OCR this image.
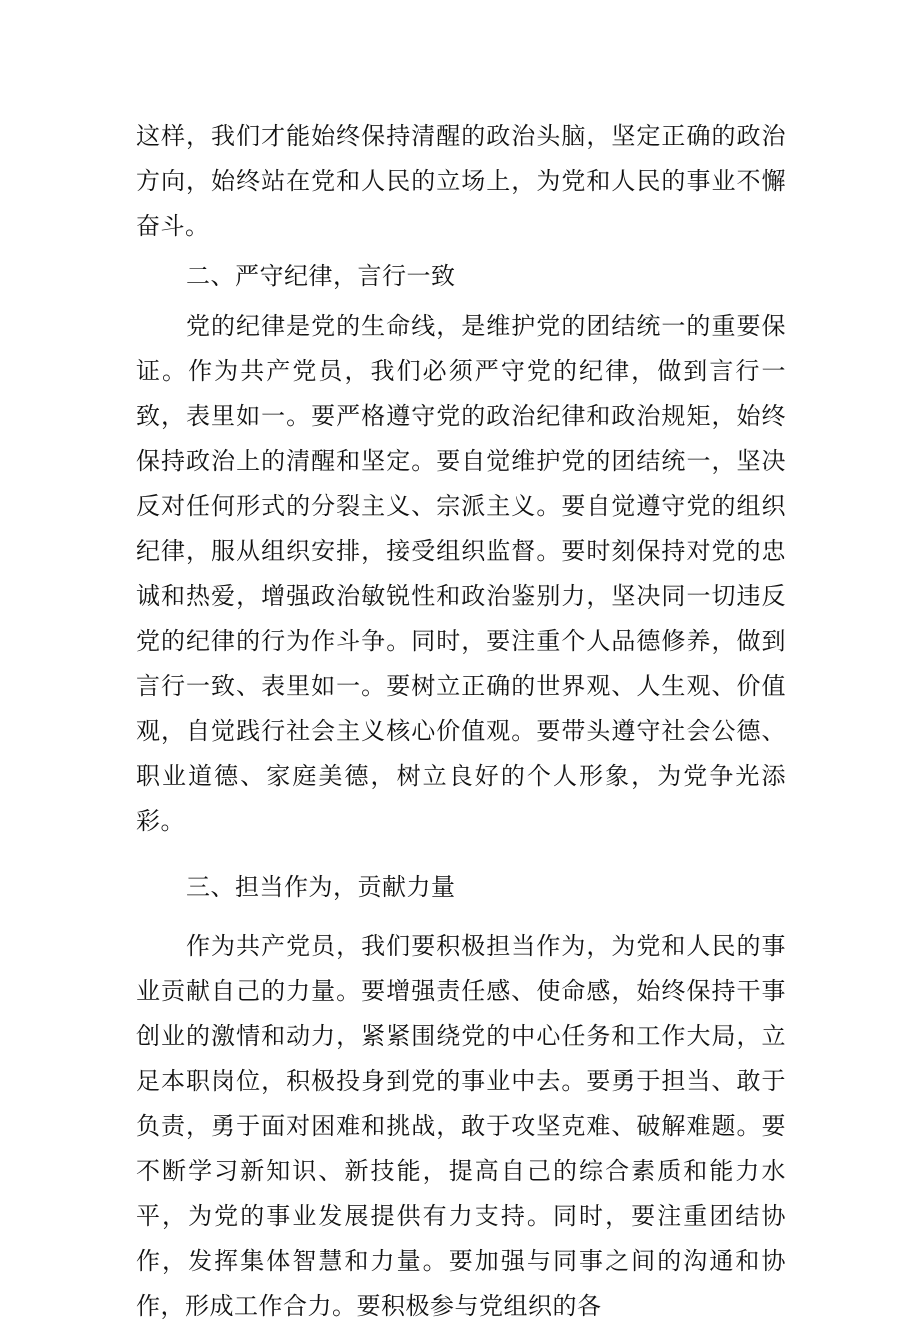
这样，我们才能始终保持清醒的政治头脑，坚定正确的政治方向，始终站在党和人民的立场上，为党和人民的事业不懈奋斗。

二、严守纪律，言行一致

党的纪律是党的生命线，是维护党的团结统一的重要保证。作为共产党员，我们必须严守党的纪律，做到言行一致，表里如一。要严格遵守党的政治纪律和政治规矩，始终保持政治上的清醒和坚定。要自觉维护党的团结统一，坚决反对任何形式的分裂主义、宗派主义。要自觉遵守党的组织纪律，服从组织安排，接受组织监督。要时刻保持对党的忠诚和热爱，增强政治敏锐性和政治鉴别力，坚决同一切违反党的纪律的行为作斗争。同时，要注重个人品德修养，做到言行一致、表里如一。要树立正确的世界观、人生观、价值观，自觉践行社会主义核心价值观。要带头遵守社会公德、职业道德、家庭美德，树立良好的个人形象，为党争光添彩。

三、担当作为，贡献力量

作为共产党员，我们要积极担当作为，为党和人民的事业贡献自己的力量。要增强责任感、使命感，始终保持干事创业的激情和动力，紧紧围绕党的中心任务和工作大局，立足本职岗位，积极投身到党的事业中去。要勇于担当、敢于负责，勇于面对困难和挑战，敢于攻坚克难、破解难题。要不断学习新知识、新技能，提高自己的综合素质和能力水平，为党的事业发展提供有力支持。同时，要注重团结协作，发挥集体智慧和力量。要加强与同事之间的沟通和协作，形成工作合力。要积极参与党组织的各
